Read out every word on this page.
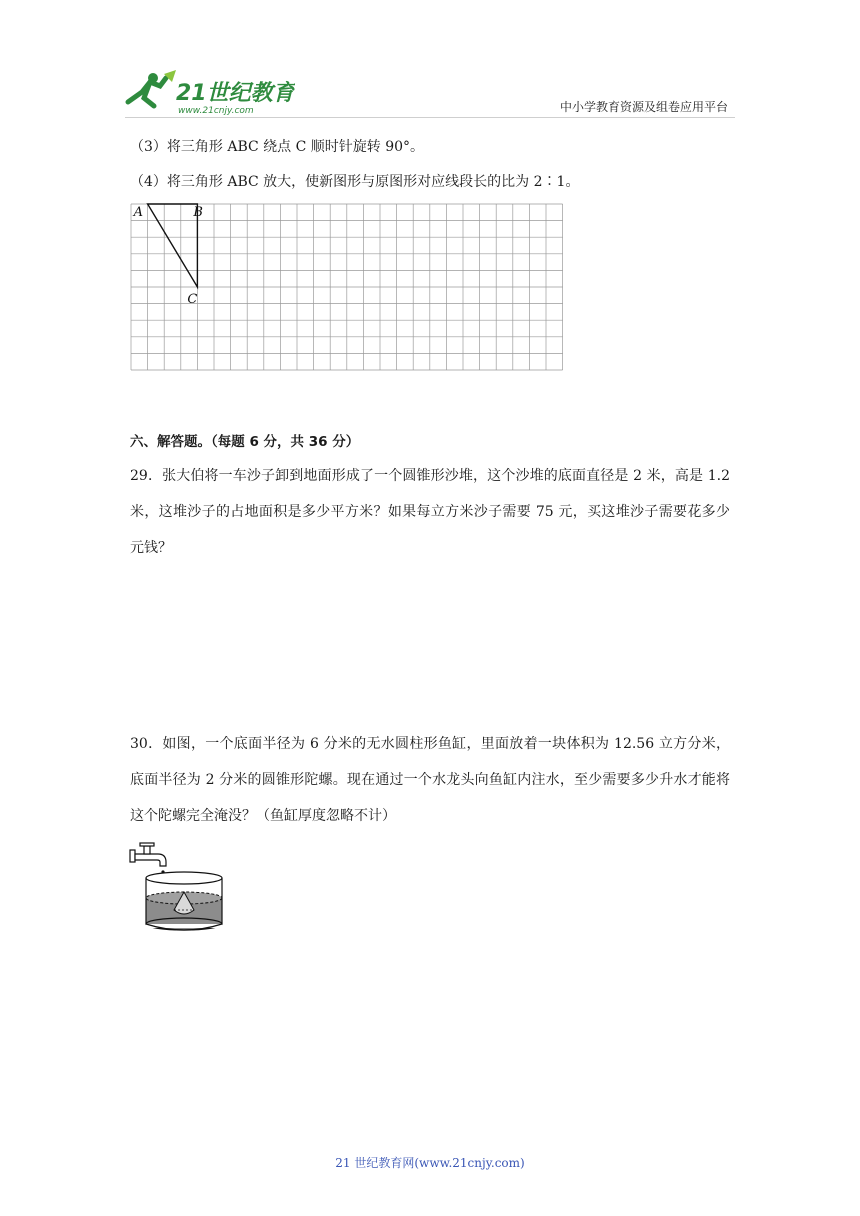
21世纪教育
www.21cnjy.com	中小学教育资源及组卷应用平台
（3）将三角形 ABC 绕点 C 顺时针旋转 90°。
（4）将三角形 ABC 放大，使新图形与原图形对应线段长的比为 2∶1。
A	B
C
六、解答题。（每题 6 分，共 36 分）
29．张大伯将一车沙子卸到地面形成了一个圆锥形沙堆，这个沙堆的底面直径是 2 米，高是 1.2 米，这堆沙子的占地面积是多少平方米？如果每立方米沙子需要 75 元，买这堆沙子需要花多少元钱？
30．如图，一个底面半径为 6 分米的无水圆柱形鱼缸，里面放着一块体积为 12.56 立方分米，底面半径为 2 分米的圆锥形陀螺。现在通过一个水龙头向鱼缸内注水，至少需要多少升水才能将这个陀螺完全淹没？（鱼缸厚度忽略不计）
21 世纪教育网(www.21cnjy.com)
